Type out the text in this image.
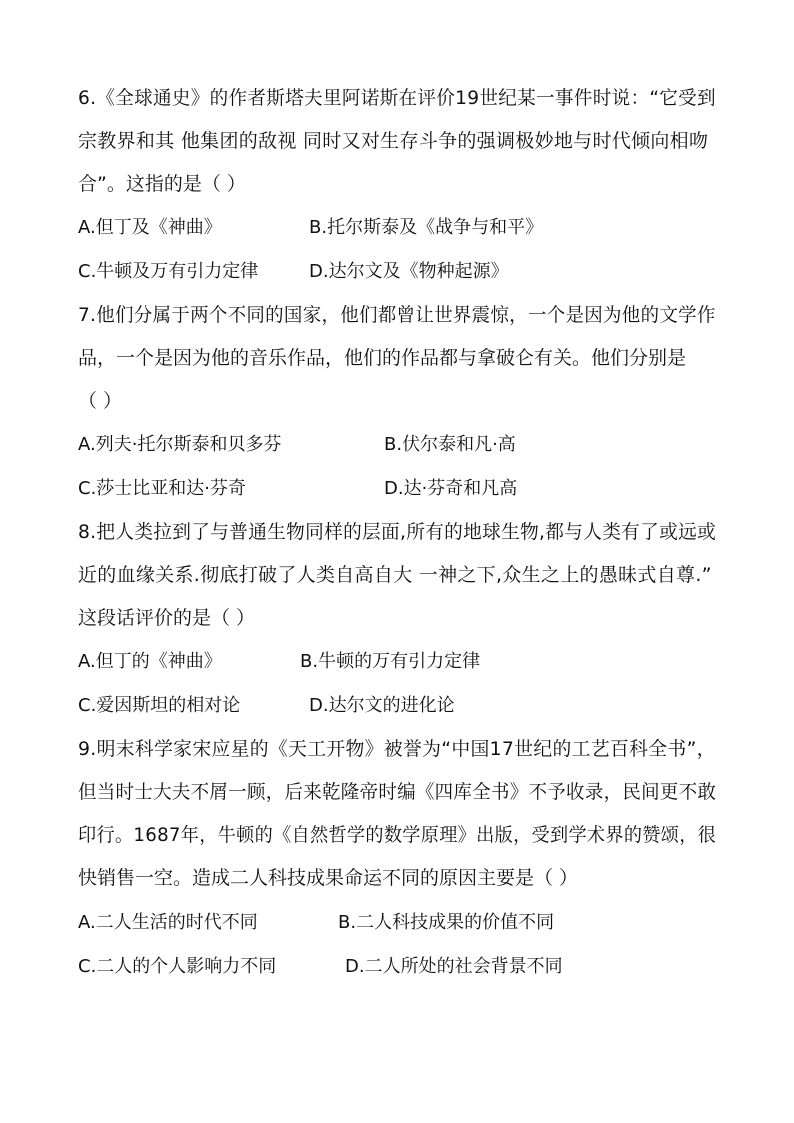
6.《全球通史》的作者斯塔夫里阿诺斯在评价19世纪某一事件时说：“它受到
宗教界和其 他集团的敌视 同时又对生存斗争的强调极妙地与时代倾向相吻
合”。这指的是（ ）
A.但丁及《神曲》	B.托尔斯泰及《战争与和平》
C.牛顿及万有引力定律	D.达尔文及《物种起源》
7.他们分属于两个不同的国家，他们都曾让世界震惊，一个是因为他的文学作
品，一个是因为他的音乐作品，他们的作品都与拿破仑有关。他们分别是
（ ）
A.列夫·托尔斯泰和贝多芬	B.伏尔泰和凡·高
C.莎士比亚和达·芬奇	D.达·芬奇和凡高
8.把人类拉到了与普通生物同样的层面,所有的地球生物,都与人类有了或远或
近的血缘关系.彻底打破了人类自高自大 一神之下,众生之上的愚昧式自尊.”
这段话评价的是（ ）
A.但丁的《神曲》	B.牛顿的万有引力定律
C.爱因斯坦的相对论	D.达尔文的进化论
9.明末科学家宋应星的《天工开物》被誉为“中国17世纪的工艺百科全书”，
但当时士大夫不屑一顾，后来乾隆帝时编《四库全书》不予收录，民间更不敢
印行。1687年，牛顿的《自然哲学的数学原理》出版，受到学术界的赞颂，很
快销售一空。造成二人科技成果命运不同的原因主要是（ ）
A.二人生活的时代不同	B.二人科技成果的价值不同
C.二人的个人影响力不同	D.二人所处的社会背景不同
